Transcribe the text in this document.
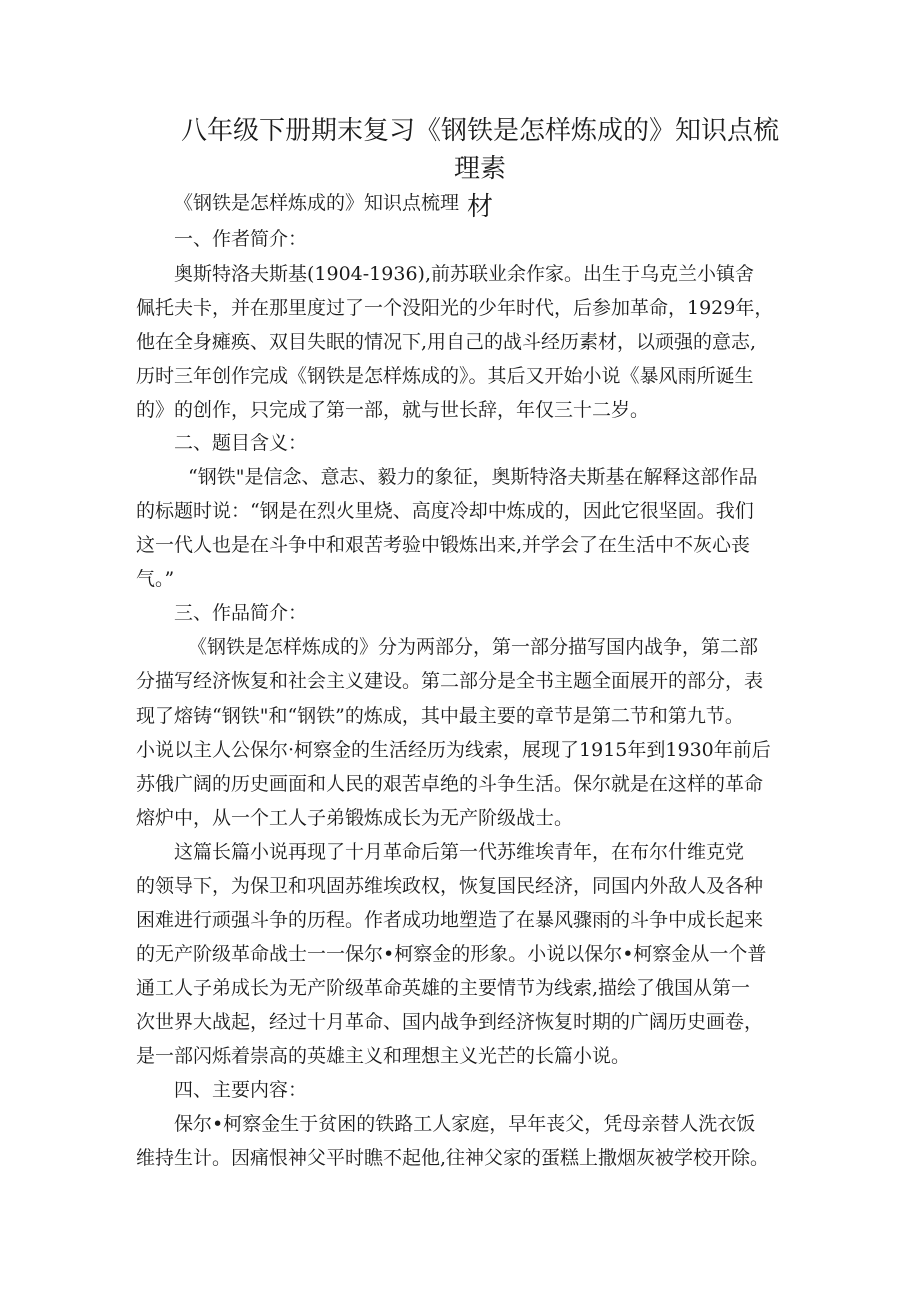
八年级下册期末复习《钢铁是怎样炼成的》知识点梳理素
材
《钢铁是怎样炼成的》知识点梳理
一、作者简介：
奥斯特洛夫斯基(1904-1936),前苏联业余作家。出生于乌克兰小镇舍
佩托夫卡，并在那里度过了一个没阳光的少年时代，后参加革命，1929年，
他在全身瘫痪、双目失眠的情况下,用自己的战斗经历素材，以顽强的意志,
历时三年创作完成《钢铁是怎样炼成的》。其后又开始小说《暴风雨所诞生
的》的创作，只完成了第一部，就与世长辞，年仅三十二岁。
二、题目含义：
“钢铁"是信念、意志、毅力的象征，奥斯特洛夫斯基在解释这部作品
的标题时说：“钢是在烈火里烧、高度冷却中炼成的，因此它很坚固。我们
这一代人也是在斗争中和艰苦考验中锻炼出来,并学会了在生活中不灰心丧
气。”
三、作品简介：
《钢铁是怎样炼成的》分为两部分，第一部分描写国内战争，第二部
分描写经济恢复和社会主义建设。第二部分是全书主题全面展开的部分，表
现了熔铸“钢铁"和“钢铁”的炼成，其中最主要的章节是第二节和第九节。
小说以主人公保尔·柯察金的生活经历为线索，展现了1915年到1930年前后
苏俄广阔的历史画面和人民的艰苦卓绝的斗争生活。保尔就是在这样的革命
熔炉中，从一个工人子弟锻炼成长为无产阶级战士。
这篇长篇小说再现了十月革命后第一代苏维埃青年，在布尔什维克党
的领导下，为保卫和巩固苏维埃政权，恢复国民经济，同国内外敌人及各种
困难进行顽强斗争的历程。作者成功地塑造了在暴风骤雨的斗争中成长起来
的无产阶级革命战士一一保尔•柯察金的形象。小说以保尔•柯察金从一个普
通工人子弟成长为无产阶级革命英雄的主要情节为线索,描绘了俄国从第一
次世界大战起，经过十月革命、国内战争到经济恢复时期的广阔历史画卷，
是一部闪烁着崇高的英雄主义和理想主义光芒的长篇小说。
四、主要内容：
保尔•柯察金生于贫困的铁路工人家庭，早年丧父，凭母亲替人洗衣饭
维持生计。因痛恨神父平时瞧不起他,往神父家的蛋糕上撒烟灰被学校开除。
